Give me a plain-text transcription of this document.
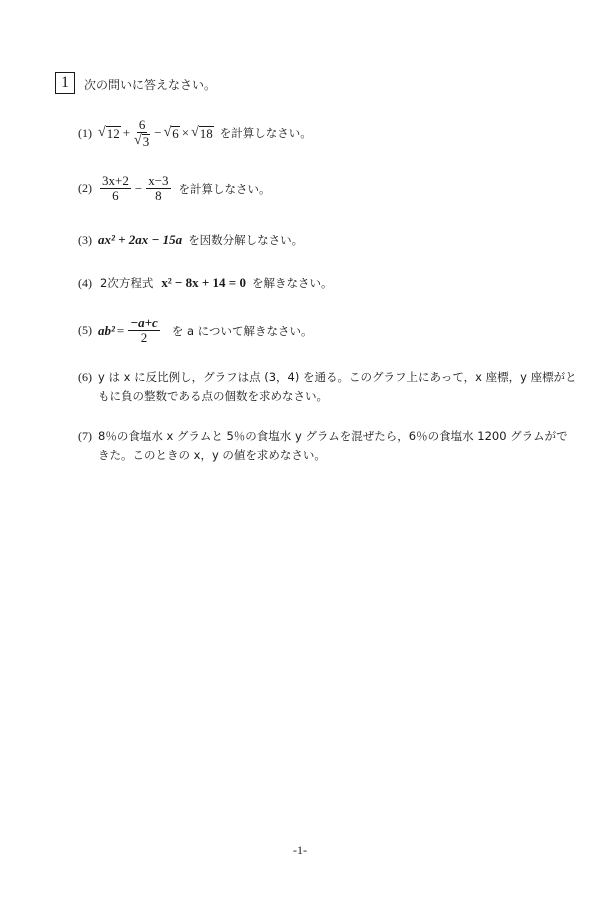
1	次の問いに答えなさい。
(1) √ $12 + \frac{6}{√ 3}$ − √ 6 × √ 18 を計算しなさい。
$(2) \frac{3x+2}{6} - \frac{x-3}{8}$ を計算しなさい。
(3) ax² + 2ax − 15a を因数分解しなさい。
(4) 2次方程式 x² − 8x + 14 = 0 を解きなさい。
(5) $ab^2 = \frac{-a+c}{2}$ を a について解きなさい。
(6) y は x に反比例し，グラフは点 (3，4) を通る。このグラフ上にあって，x 座標，y 座標がと
もに負の整数である点の個数を求めなさい。
(7) 8％の食塩水 x グラムと 5％の食塩水 y グラムを混ぜたら，6％の食塩水 1200 グラムがで
きた。このときの x，y の値を求めなさい。
-1-
